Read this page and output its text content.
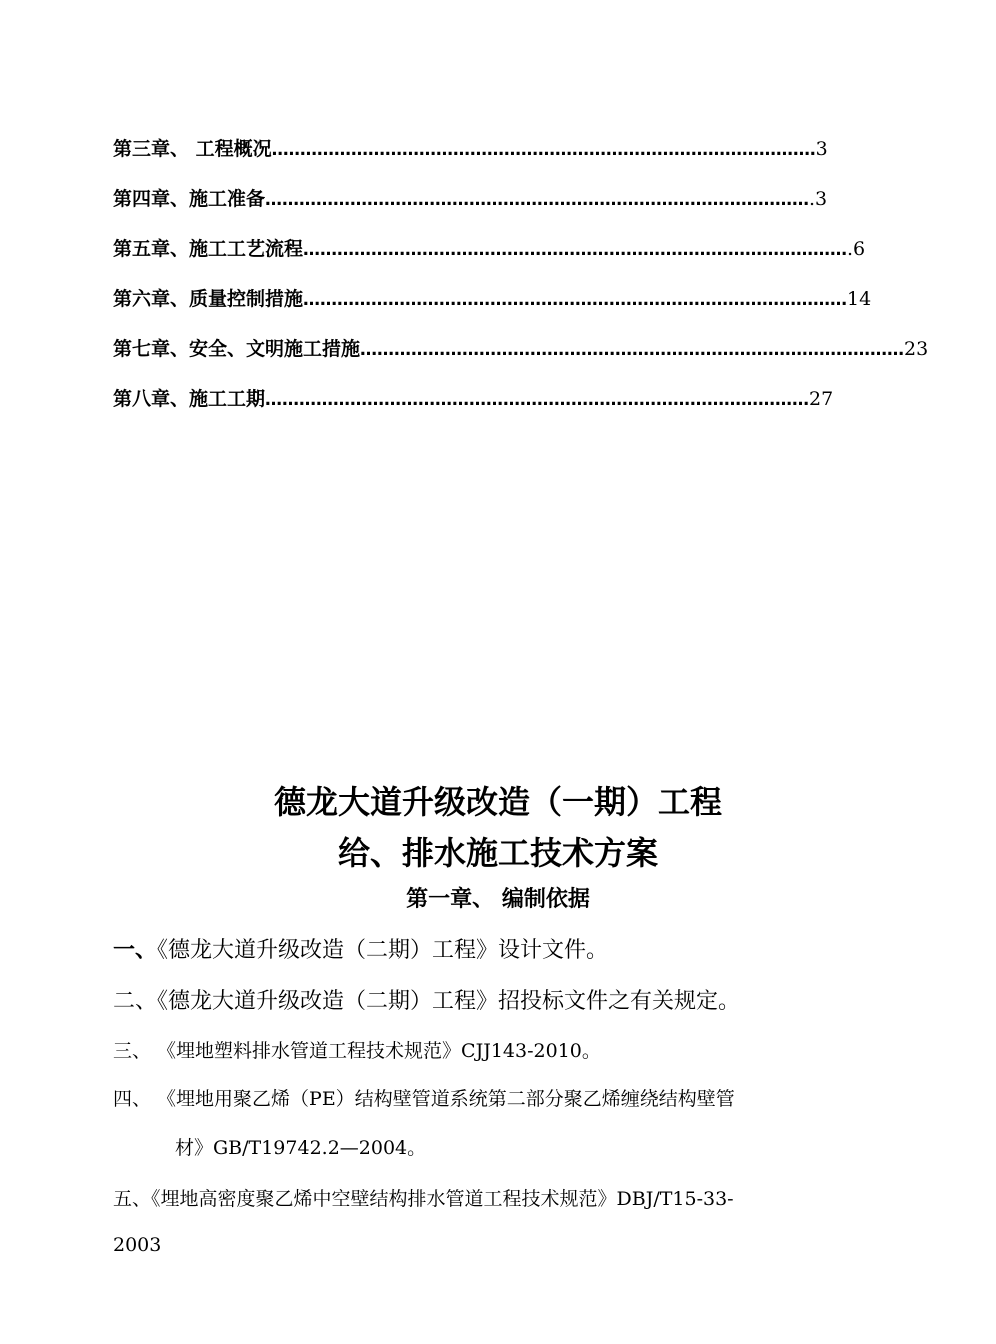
第三章、 工程概况 …………………………………………………………………………………… 3
第四章、施工准备 …………………………………………………………………………………… .3
第五章、施工工艺流程 …………………………………………………………………………………… .6
第六章、质量控制措施 …………………………………………………………………………………… 14
第七章、安全、文明施工措施 …………………………………………………………………………………… 23
第八章、施工工期 …………………………………………………………………………………… 27
德龙大道升级改造（一期）工程
给、排水施工技术方案
第一章、 编制依据
一、《德龙大道升级改造（二期）工程》设计文件。
二、《德龙大道升级改造（二期）工程》招投标文件之有关规定。
三、 《埋地塑料排水管道工程技术规范》CJJ143-2010。
四、 《埋地用聚乙烯（PE）结构壁管道系统第二部分聚乙烯缠绕结构壁管
材》GB/T19742.2—2004。
五、《埋地高密度聚乙烯中空壁结构排水管道工程技术规范》DBJ/T15-33-
2003
